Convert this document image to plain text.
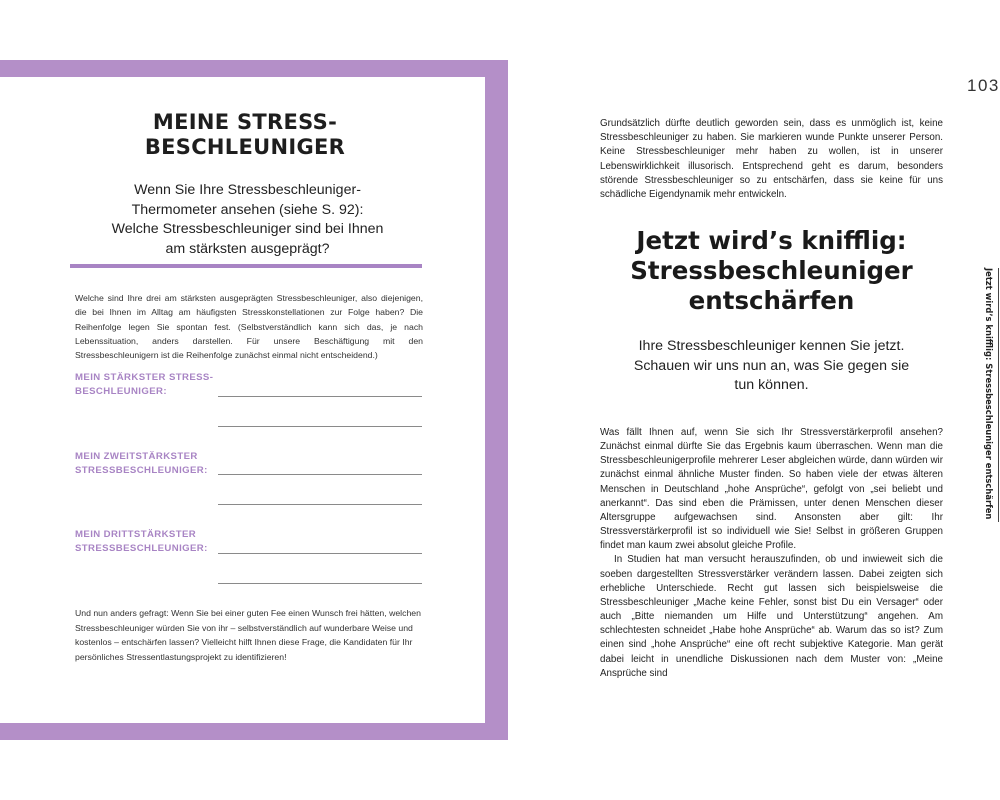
MEINE STRESS-
BESCHLEUNIGER
Wenn Sie Ihre Stressbeschleuniger-Thermometer ansehen (siehe S. 92): Welche Stressbeschleuniger sind bei Ihnen am stärksten ausgeprägt?
Welche sind Ihre drei am stärksten ausgeprägten Stressbeschleuniger, also diejenigen, die bei Ihnen im Alltag am häufigsten Stresskonstellationen zur Folge haben? Die Reihenfolge legen Sie spontan fest. (Selbstverständlich kann sich das, je nach Lebenssituation, anders darstellen. Für unsere Beschäftigung mit den Stressbeschleunigern ist die Reihenfolge zunächst einmal nicht entscheidend.)
MEIN STÄRKSTER STRESS-
BESCHLEUNIGER:
MEIN ZWEITSTÄRKSTER
STRESSBESCHLEUNIGER:
MEIN DRITTSTÄRKSTER
STRESSBESCHLEUNIGER:
Und nun anders gefragt: Wenn Sie bei einer guten Fee einen Wunsch frei hätten, welchen Stressbeschleuniger würden Sie von ihr – selbstverständlich auf wunderbare Weise und kostenlos – entschärfen lassen? Vielleicht hilft Ihnen diese Frage, die Kandidaten für Ihr persönliches Stressentlastungsprojekt zu identifizieren!
103
Grundsätzlich dürfte deutlich geworden sein, dass es unmöglich ist, keine Stressbeschleuniger zu haben. Sie markieren wunde Punkte unserer Person. Keine Stressbeschleuniger mehr haben zu wollen, ist in unserer Lebenswirklichkeit illusorisch. Entsprechend geht es darum, besonders störende Stressbeschleuniger so zu entschärfen, dass sie keine für uns schädliche Eigendynamik mehr entwickeln.
Jetzt wird’s knifflig: Stressbeschleuniger entschärfen
Ihre Stressbeschleuniger kennen Sie jetzt. Schauen wir uns nun an, was Sie gegen sie tun können.

Was fällt Ihnen auf, wenn Sie sich Ihr Stressverstärkerprofil ansehen? Zunächst einmal dürfte Sie das Ergebnis kaum überraschen. Wenn man die Stressbeschleunigerprofile mehrerer Leser abgleichen würde, dann würden wir zunächst einmal ähnliche Muster finden. So haben viele der etwas älteren Menschen in Deutschland „hohe Ansprüche“, gefolgt von „sei beliebt und anerkannt“. Das sind eben die Prämissen, unter denen Menschen dieser Altersgruppe aufgewachsen sind. Ansonsten aber gilt: Ihr Stressverstärkerprofil ist so individuell wie Sie! Selbst in größeren Gruppen findet man kaum zwei absolut gleiche Profile.

In Studien hat man versucht herauszufinden, ob und inwieweit sich die soeben dargestellten Stressverstärker verändern lassen. Dabei zeigten sich erhebliche Unterschiede. Recht gut lassen sich beispielsweise die Stressbeschleuniger „Mache keine Fehler, sonst bist Du ein Versager“ oder auch „Bitte niemanden um Hilfe und Unterstützung“ angehen. Am schlechtesten schneidet „Habe hohe Ansprüche“ ab. Warum das so ist? Zum einen sind „hohe Ansprüche“ eine oft recht subjektive Kategorie. Man gerät dabei leicht in unendliche Diskussionen nach dem Muster von: „Meine Ansprüche sind

Jetzt wird’s knifflig: Stressbeschleuniger entschärfen
